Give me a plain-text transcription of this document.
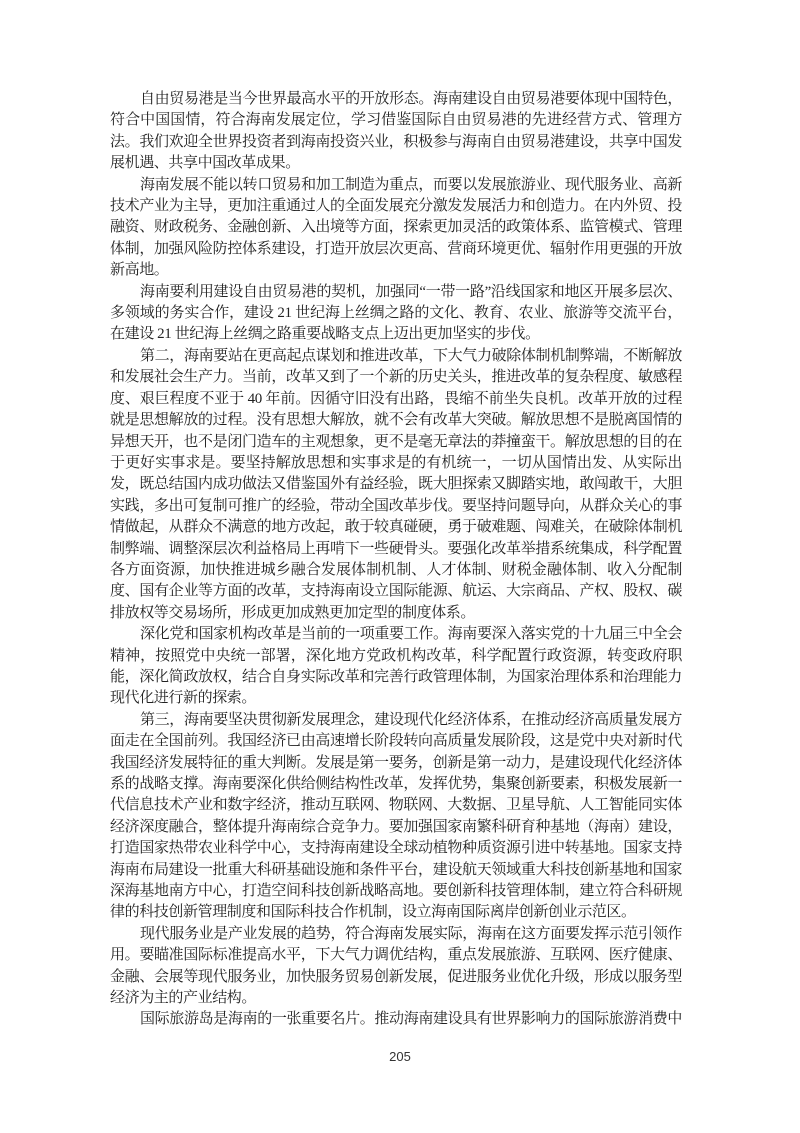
自由贸易港是当今世界最高水平的开放形态。海南建设自由贸易港要体现中国特色，符合中国国情，符合海南发展定位，学习借鉴国际自由贸易港的先进经营方式、管理方法。我们欢迎全世界投资者到海南投资兴业，积极参与海南自由贸易港建设，共享中国发展机遇、共享中国改革成果。

海南发展不能以转口贸易和加工制造为重点，而要以发展旅游业、现代服务业、高新技术产业为主导，更加注重通过人的全面发展充分激发发展活力和创造力。在内外贸、投融资、财政税务、金融创新、入出境等方面，探索更加灵活的政策体系、监管模式、管理体制，加强风险防控体系建设，打造开放层次更高、营商环境更优、辐射作用更强的开放新高地。

海南要利用建设自由贸易港的契机，加强同“一带一路”沿线国家和地区开展多层次、多领域的务实合作，建设 21 世纪海上丝绸之路的文化、教育、农业、旅游等交流平台，在建设 21 世纪海上丝绸之路重要战略支点上迈出更加坚实的步伐。

第二，海南要站在更高起点谋划和推进改革，下大气力破除体制机制弊端，不断解放和发展社会生产力。当前，改革又到了一个新的历史关头，推进改革的复杂程度、敏感程度、艰巨程度不亚于 40 年前。因循守旧没有出路，畏缩不前坐失良机。改革开放的过程就是思想解放的过程。没有思想大解放，就不会有改革大突破。解放思想不是脱离国情的异想天开，也不是闭门造车的主观想象，更不是毫无章法的莽撞蛮干。解放思想的目的在于更好实事求是。要坚持解放思想和实事求是的有机统一，一切从国情出发、从实际出发，既总结国内成功做法又借鉴国外有益经验，既大胆探索又脚踏实地，敢闯敢干，大胆实践，多出可复制可推广的经验，带动全国改革步伐。要坚持问题导向，从群众关心的事情做起，从群众不满意的地方改起，敢于较真碰硬，勇于破难题、闯难关，在破除体制机制弊端、调整深层次利益格局上再啃下一些硬骨头。要强化改革举措系统集成，科学配置各方面资源，加快推进城乡融合发展体制机制、人才体制、财税金融体制、收入分配制度、国有企业等方面的改革，支持海南设立国际能源、航运、大宗商品、产权、股权、碳排放权等交易场所，形成更加成熟更加定型的制度体系。

深化党和国家机构改革是当前的一项重要工作。海南要深入落实党的十九届三中全会精神，按照党中央统一部署，深化地方党政机构改革，科学配置行政资源，转变政府职能，深化简政放权，结合自身实际改革和完善行政管理体制，为国家治理体系和治理能力现代化进行新的探索。

第三，海南要坚决贯彻新发展理念，建设现代化经济体系，在推动经济高质量发展方面走在全国前列。我国经济已由高速增长阶段转向高质量发展阶段，这是党中央对新时代我国经济发展特征的重大判断。发展是第一要务，创新是第一动力，是建设现代化经济体系的战略支撑。海南要深化供给侧结构性改革，发挥优势，集聚创新要素，积极发展新一代信息技术产业和数字经济，推动互联网、物联网、大数据、卫星导航、人工智能同实体经济深度融合，整体提升海南综合竞争力。要加强国家南繁科研育种基地（海南）建设，打造国家热带农业科学中心，支持海南建设全球动植物种质资源引进中转基地。国家支持海南布局建设一批重大科研基础设施和条件平台，建设航天领域重大科技创新基地和国家深海基地南方中心，打造空间科技创新战略高地。要创新科技管理体制，建立符合科研规律的科技创新管理制度和国际科技合作机制，设立海南国际离岸创新创业示范区。

现代服务业是产业发展的趋势，符合海南发展实际，海南在这方面要发挥示范引领作用。要瞄准国际标准提高水平，下大气力调优结构，重点发展旅游、互联网、医疗健康、金融、会展等现代服务业，加快服务贸易创新发展，促进服务业优化升级，形成以服务型经济为主的产业结构。

国际旅游岛是海南的一张重要名片。推动海南建设具有世界影响力的国际旅游消费中

205
